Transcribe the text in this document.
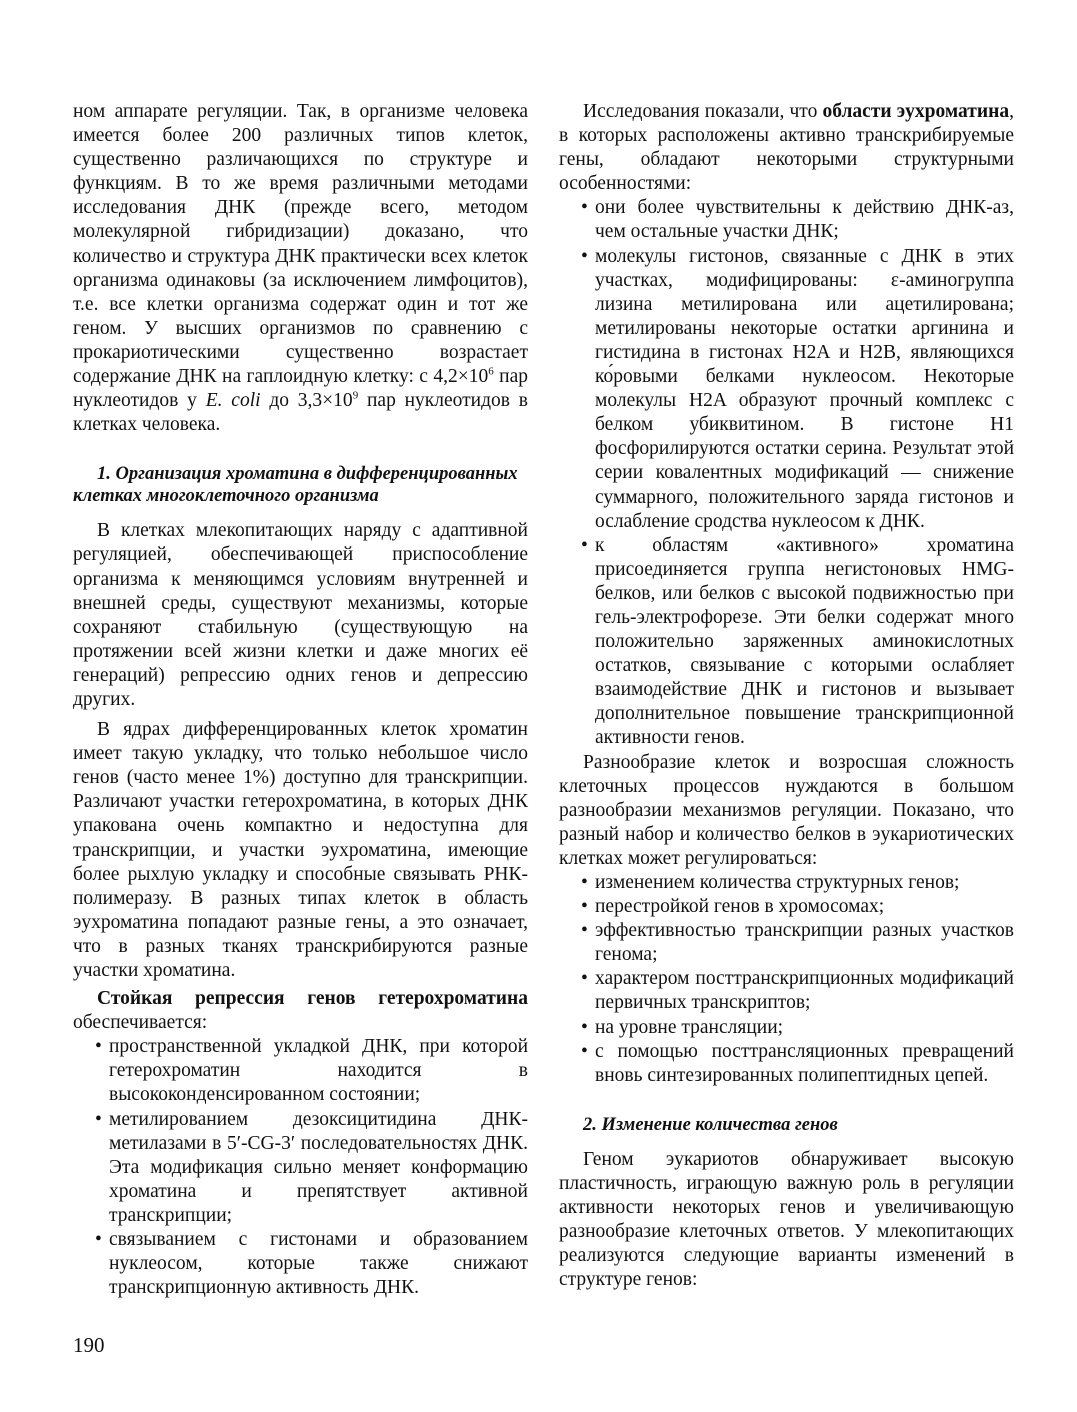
ном аппарате регуляции. Так, в организме человека имеется более 200 различных типов клеток, существенно различающихся по структуре и функциям. В то же время различными методами исследования ДНК (прежде всего, методом молекулярной гибридизации) доказано, что количество и структура ДНК практически всех клеток организма одинаковы (за исключением лимфоцитов), т.е. все клетки организма содержат один и тот же геном. У высших организмов по сравнению с прокариотическими существенно возрастает содержание ДНК на гаплоидную клетку: с $4,2\times 10^6$ пар нуклеотидов у E. coli до $3,3\times 10^9$ пар нуклеотидов в клетках человека.

1. Организация хроматина в дифференцированных клетках многоклеточного организма

В клетках млекопитающих наряду с адаптивной регуляцией, обеспечивающей приспособление организма к меняющимся условиям внутренней и внешней среды, существуют механизмы, которые сохраняют стабильную (существующую на протяжении всей жизни клетки и даже многих её генераций) репрессию одних генов и депрессию других.

В ядрах дифференцированных клеток хроматин имеет такую укладку, что только небольшое число генов (часто менее 1%) доступно для транскрипции. Различают участки гетерохроматина, в которых ДНК упакована очень компактно и недоступна для транскрипции, и участки эухроматина, имеющие более рыхлую укладку и способные связывать РНК-полимеразу. В разных типах клеток в область эухроматина попадают разные гены, а это означает, что в разных тканях транскрибируются разные участки хроматина.

Стойкая репрессия генов гетерохроматина обеспечивается:

• пространственной укладкой ДНК, при которой гетерохроматин находится в высококонденсированном состоянии;
• метилированием дезоксицитидина ДНК-метилазами в 5′-CG-3′ последовательностях ДНК. Эта модификация сильно меняет конформацию хроматина и препятствует активной транскрипции;
• связыванием с гистонами и образованием нуклеосом, которые также снижают транскрипционную активность ДНК.

Исследования показали, что области эухроматина, в которых расположены активно транскрибируемые гены, обладают некоторыми структурными особенностями:

• они более чувствительны к действию ДНК-аз, чем остальные участки ДНК;
• молекулы гистонов, связанные с ДНК в этих участках, модифицированы: ε-аминогруппа лизина метилирована или ацетилирована; метилированы некоторые остатки аргинина и гистидина в гистонах H2A и H2B, являющихся ко́ровыми белками нуклеосом. Некоторые молекулы H2A образуют прочный комплекс с белком убиквитином. В гистоне H1 фосфорилируются остатки серина. Результат этой серии ковалентных модификаций — снижение суммарного, положительного заряда гистонов и ослабление сродства нуклеосом к ДНК.
• к областям «активного» хроматина присоединяется группа негистоновых HMG-белков, или белков с высокой подвижностью при гель-электрофорезе. Эти белки содержат много положительно заряженных аминокислотных остатков, связывание с которыми ослабляет взаимодействие ДНК и гистонов и вызывает дополнительное повышение транскрипционной активности генов.

Разнообразие клеток и возросшая сложность клеточных процессов нуждаются в большом разнообразии механизмов регуляции. Показано, что разный набор и количество белков в эукариотических клетках может регулироваться:

• изменением количества структурных генов;
• перестройкой генов в хромосомах;
• эффективностью транскрипции разных участков генома;
• характером посттранскрипционных модификаций первичных транскриптов;
• на уровне трансляции;
• с помощью посттрансляционных превращений вновь синтезированных полипептидных цепей.
2. Изменение количества генов

Геном эукариотов обнаруживает высокую пластичность, играющую важную роль в регуляции активности некоторых генов и увеличивающую разнообразие клеточных ответов. У млекопитающих реализуются следующие варианты изменений в структуре генов:

190
